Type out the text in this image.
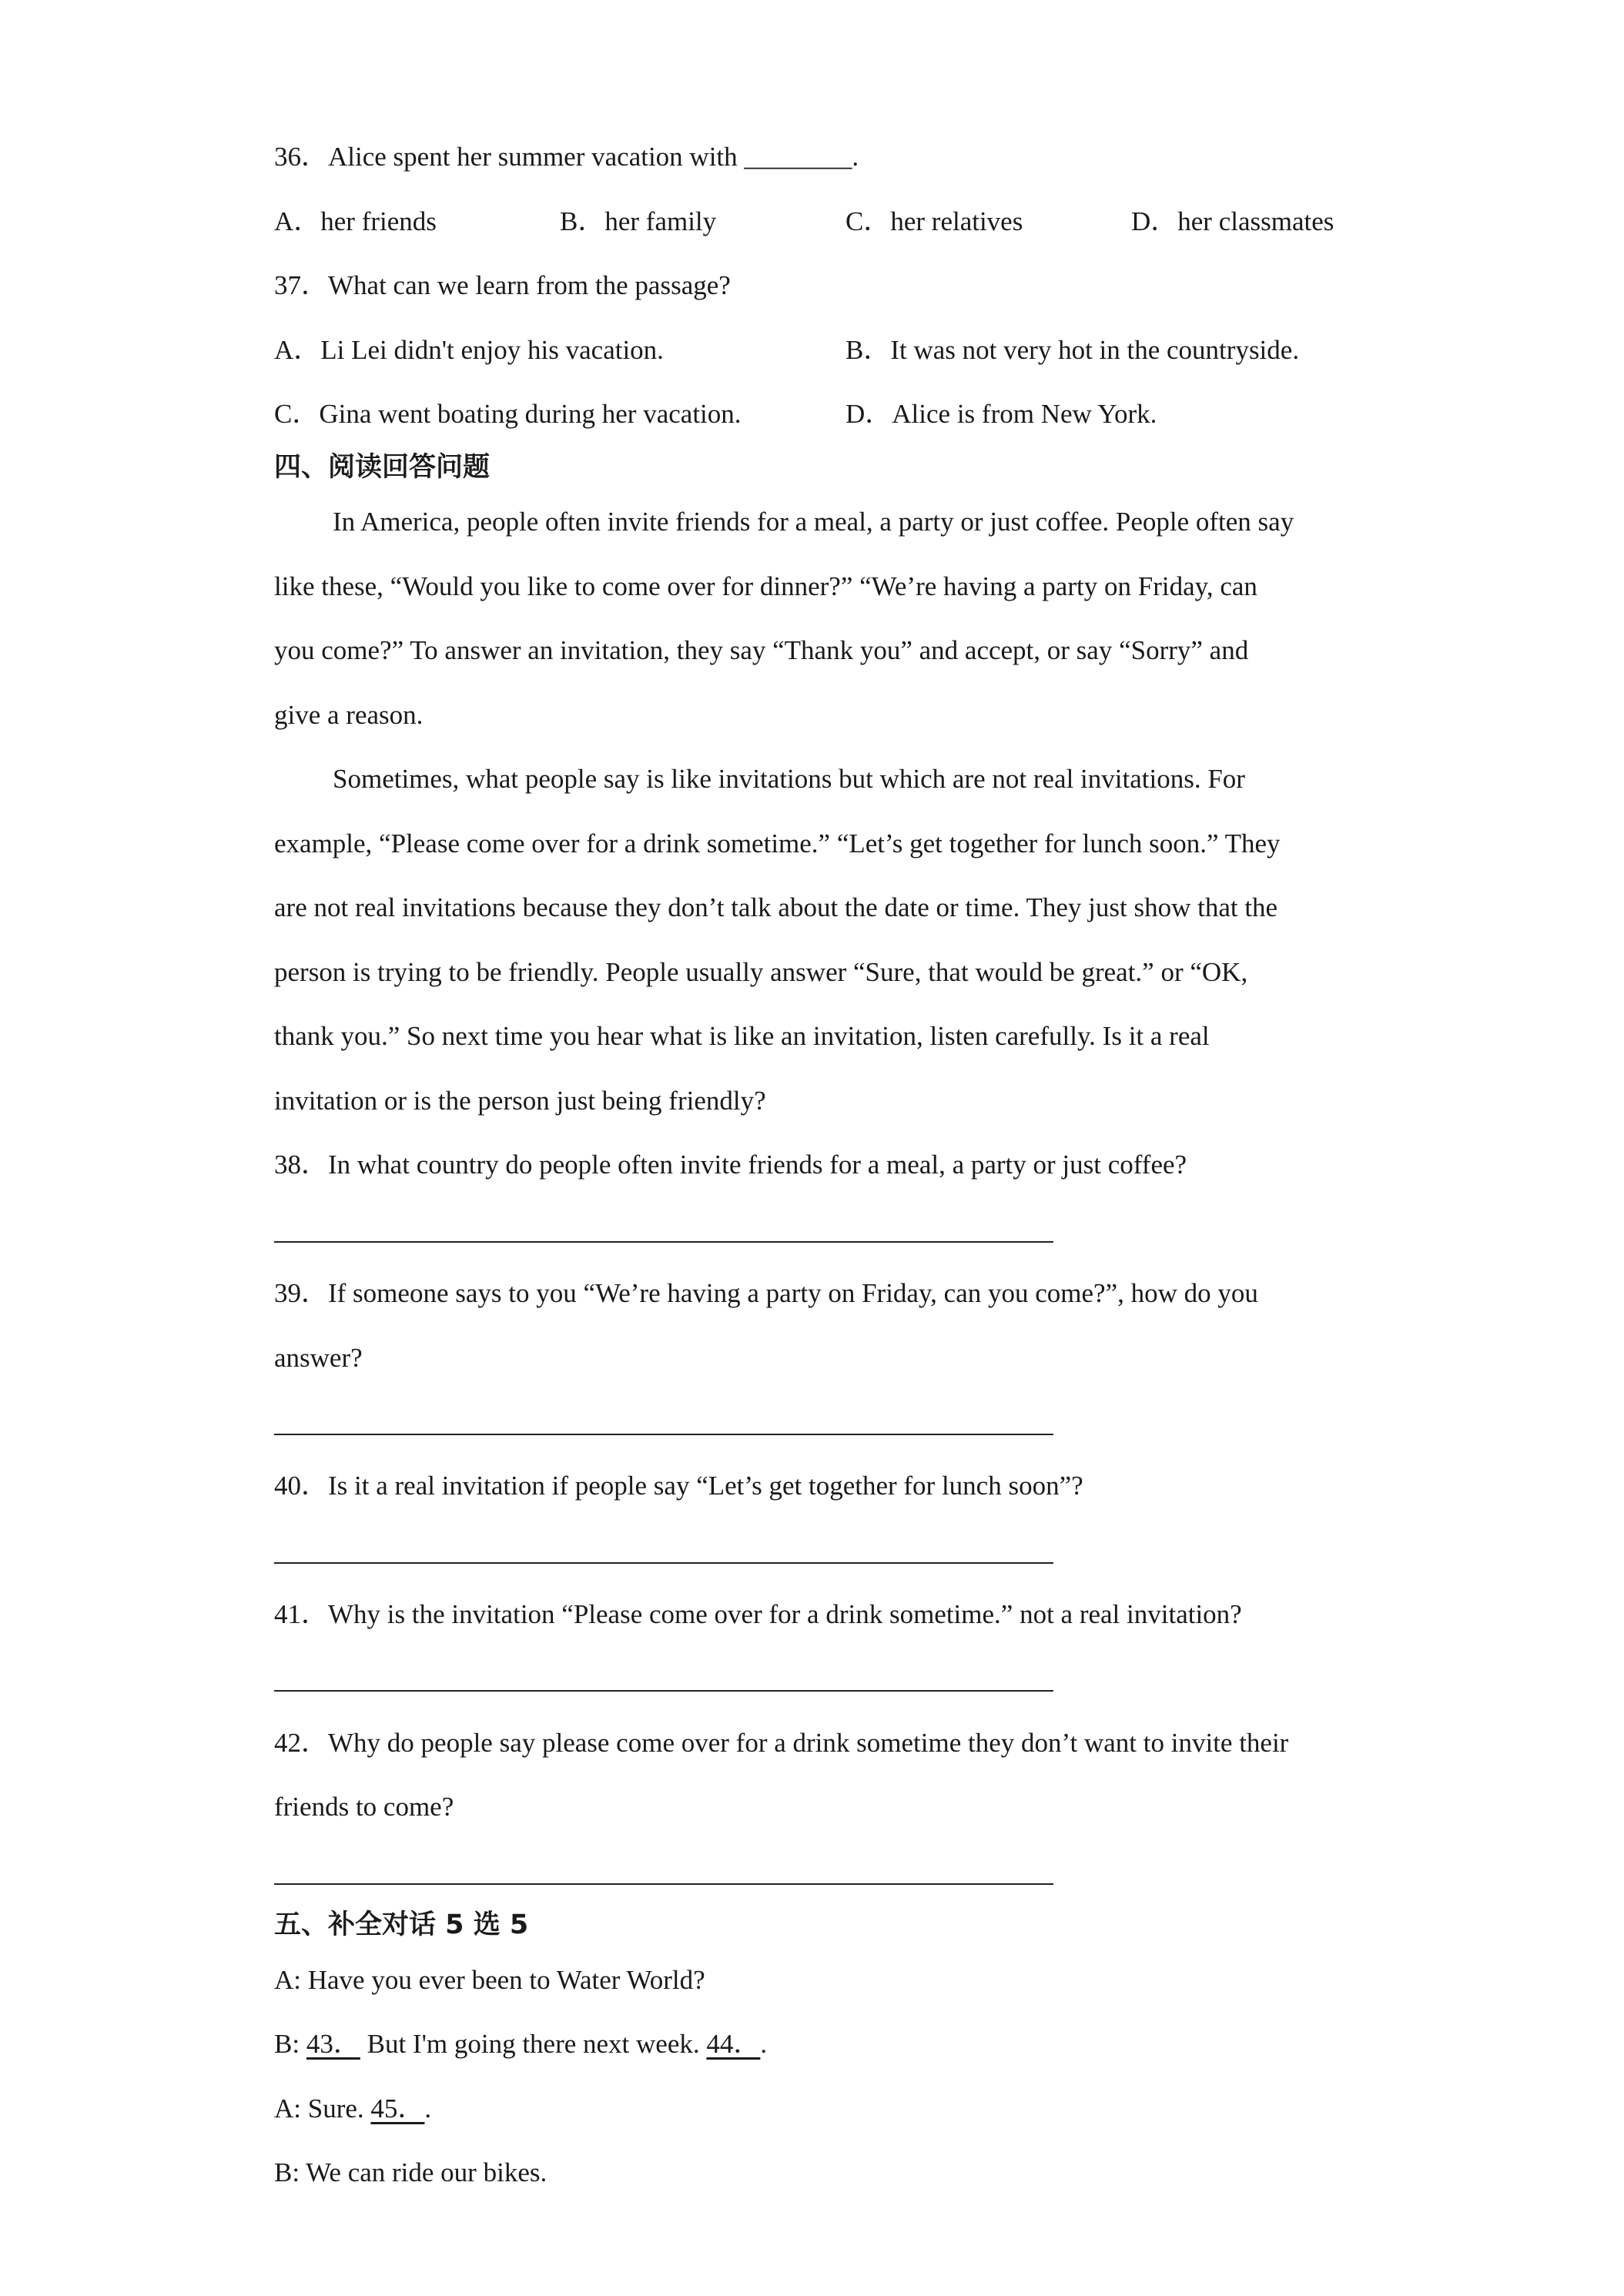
36．Alice spent her summer vacation with ________.
A．her friends	B．her family	C．her relatives	D．her classmates
37．What can we learn from the passage?
A．Li Lei didn't enjoy his vacation.	B．It was not very hot in the countryside.
C．Gina went boating during her vacation.	D．Alice is from New York.
四、阅读回答问题
In America, people often invite friends for a meal, a party or just coffee. People often say
like these, “Would you like to come over for dinner?” “We’re having a party on Friday, can
you come?” To answer an invitation, they say “Thank you” and accept, or say “Sorry” and
give a reason.
Sometimes, what people say is like invitations but which are not real invitations. For
example, “Please come over for a drink sometime.” “Let’s get together for lunch soon.” They
are not real invitations because they don’t talk about the date or time. They just show that the
person is trying to be friendly. People usually answer “Sure, that would be great.” or “OK,
thank you.” So next time you hear what is like an invitation, listen carefully. Is it a real
invitation or is the person just being friendly?
38．In what country do people often invite friends for a meal, a party or just coffee?
39．If someone says to you “We’re having a party on Friday, can you come?”, how do you
answer?
40．Is it a real invitation if people say “Let’s get together for lunch soon”?
41．Why is the invitation “Please come over for a drink sometime.” not a real invitation?
42．Why do people say please come over for a drink sometime they don’t want to invite their
friends to come?
五、补全对话 5 选 5
A: Have you ever been to Water World?
B: 43． But I'm going there next week. 44．.
A: Sure. 45．.
B: We can ride our bikes.
